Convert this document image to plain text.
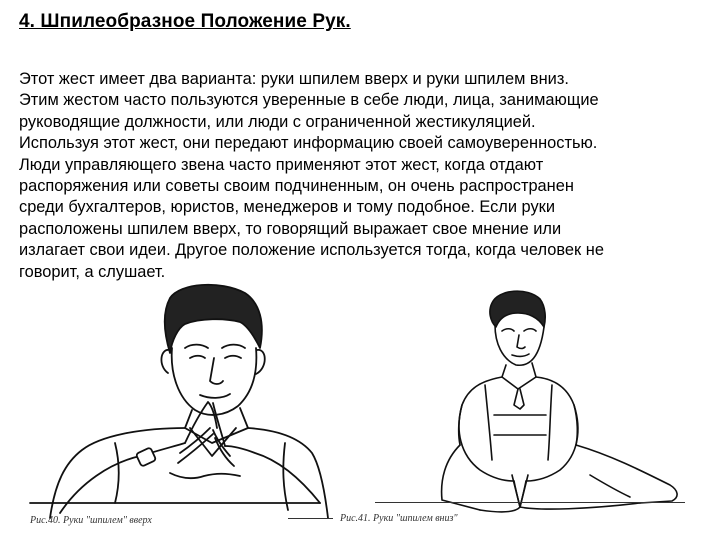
4. Шпилеобразное Положение Рук.
Этот жест имеет два варианта: руки шпилем вверх и руки шпилем вниз.
Этим жестом часто пользуются уверенные в себе люди, лица, занимающие
руководящие должности, или люди с ограниченной жестикуляцией.
Используя этот жест, они передают информацию своей самоуверенностью.
Люди управляющего звена часто применяют этот жест, когда отдают
распоряжения или советы своим подчиненным, он очень распространен
среди бухгалтеров, юристов, менеджеров и тому подобное. Если руки
расположены шпилем вверх, то говорящий выражает свое мнение или
излагает свои идеи. Другое положение используется тогда, когда человек не
говорит, а слушает.
Рис.40. Руки "шпилем" вверх	Рис.41. Руки "шпилем вниз"
